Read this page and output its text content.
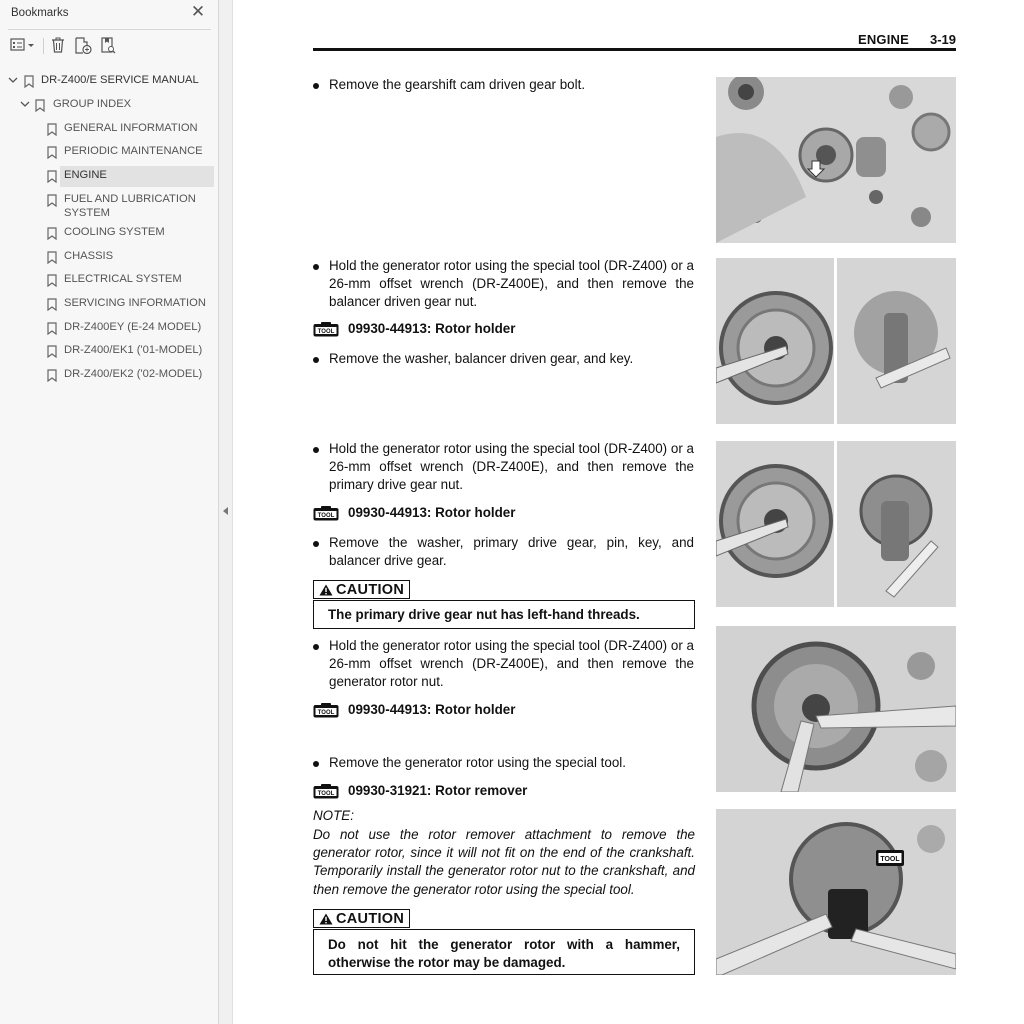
Bookmarks	✕
DR-Z400/E SERVICE MANUAL
GROUP INDEX
GENERAL INFORMATION
PERIODIC MAINTENANCE
ENGINE
FUEL AND LUBRICATION SYSTEM
COOLING SYSTEM
CHASSIS
ELECTRICAL SYSTEM
SERVICING INFORMATION
DR-Z400EY (E-24 MODEL)
DR-Z400/EK1 ('01-MODEL)
DR-Z400/EK2 ('02-MODEL)
ENGINE 3-19
Remove the gearshift cam driven gear bolt.
Hold the generator rotor using the special tool (DR-Z400) or a 26-mm offset wrench (DR-Z400E), and then remove the balancer driven gear nut.
TOOL 09930-44913: Rotor holder
Remove the washer, balancer driven gear, and key.
Hold the generator rotor using the special tool (DR-Z400) or a 26-mm offset wrench (DR-Z400E), and then remove the primary drive gear nut.
TOOL 09930-44913: Rotor holder
Remove the washer, primary drive gear, pin, key, and balancer drive gear.
CAUTION
The primary drive gear nut has left-hand threads.
Hold the generator rotor using the special tool (DR-Z400) or a 26-mm offset wrench (DR-Z400E), and then remove the generator rotor nut.
TOOL 09930-44913: Rotor holder
Remove the generator rotor using the special tool.
TOOL 09930-31921: Rotor remover
NOTE:
Do not use the rotor remover attachment to remove the generator rotor, since it will not fit on the end of the crankshaft. Temporarily install the generator rotor nut to the crankshaft, and then remove the generator rotor using the special tool.
CAUTION
Do not hit the generator rotor with a hammer, otherwise the rotor may be damaged.
TOOL
